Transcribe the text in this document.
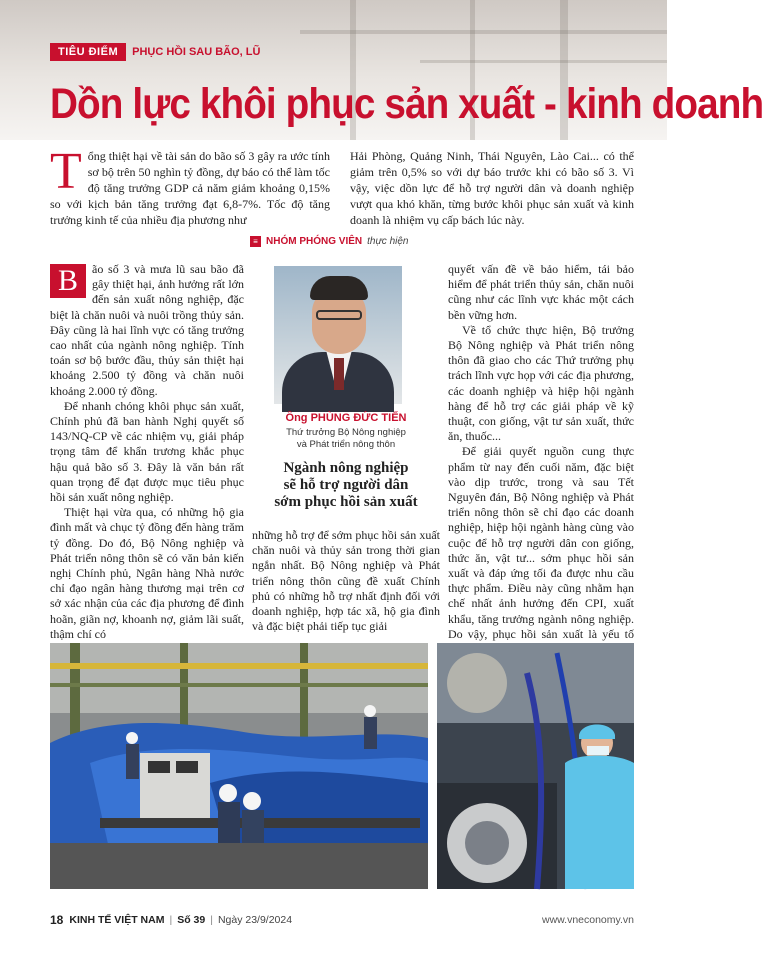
TIÊU ĐIỂM	PHỤC HỒI SAU BÃO, LŨ
Dồn lực khôi phục sản xuất - kinh doanh
Tổng thiệt hại về tài sản do bão số 3 gây ra ước tính sơ bộ trên 50 nghìn tỷ đồng, dự báo có thể làm tốc độ tăng trưởng GDP cả năm giảm khoảng 0,15% so với kịch bản tăng trưởng đạt 6,8-7%. Tốc độ tăng trưởng kinh tế của nhiều địa phương như
Hải Phòng, Quảng Ninh, Thái Nguyên, Lào Cai... có thể giảm trên 0,5% so với dự báo trước khi có bão số 3. Vì vậy, việc dồn lực để hỗ trợ người dân và doanh nghiệp vượt qua khó khăn, từng bước khôi phục sản xuất và kinh doanh là nhiệm vụ cấp bách lúc này.
≡ NHÓM PHÓNG VIÊN thực hiện

B	ão số 3 và mưa lũ sau bão đã gây thiệt hại, ảnh hưởng rất lớn đến sản xuất nông nghiệp, đặc biệt là chăn nuôi và nuôi trồng thủy sản. Đây cũng là hai lĩnh vực có tăng trưởng cao nhất của ngành nông nghiệp. Tính toán sơ bộ bước đầu, thủy sản thiệt hại khoảng 2.500 tỷ đồng và chăn nuôi khoảng 2.000 tỷ đồng.

Để nhanh chóng khôi phục sản xuất, Chính phủ đã ban hành Nghị quyết số 143/NQ-CP về các nhiệm vụ, giải pháp trọng tâm để khẩn trương khắc phục hậu quả bão số 3. Đây là văn bản rất quan trọng để đạt được mục tiêu phục hồi sản xuất nông nghiệp.

Thiệt hại vừa qua, có những hộ gia đình mất và chục tỷ đồng đến hàng trăm tỷ đồng. Do đó, Bộ Nông nghiệp và Phát triển nông thôn sẽ có văn bản kiến nghị Chính phủ, Ngân hàng Nhà nước chỉ đạo ngân hàng thương mại trên cơ sở xác nhận của các địa phương để đình hoãn, giãn nợ, khoanh nợ, giảm lãi suất, thậm chí có

Ông PHÙNG ĐỨC TIẾN
Thứ trưởng Bộ Nông nghiệp
và Phát triển nông thôn
Ngành nông nghiệp
sẽ hỗ trợ người dân
sớm phục hồi sản xuất

những hỗ trợ để sớm phục hồi sản xuất chăn nuôi và thủy sản trong thời gian ngắn nhất. Bộ Nông nghiệp và Phát triển nông thôn cũng đề xuất Chính phủ có những hỗ trợ nhất định đối với doanh nghiệp, hợp tác xã, hộ gia đình và đặc biệt phải tiếp tục giải

quyết vấn đề về bảo hiểm, tái bảo hiểm để phát triển thủy sản, chăn nuôi cũng như các lĩnh vực khác một cách bền vững hơn.

Về tổ chức thực hiện, Bộ trưởng Bộ Nông nghiệp và Phát triển nông thôn đã giao cho các Thứ trưởng phụ trách lĩnh vực họp với các địa phương, các doanh nghiệp và hiệp hội ngành hàng để hỗ trợ các giải pháp về kỹ thuật, con giống, vật tư sản xuất, thức ăn, thuốc...

Để giải quyết nguồn cung thực phẩm từ nay đến cuối năm, đặc biệt vào dịp trước, trong và sau Tết Nguyên đán, Bộ Nông nghiệp và Phát triển nông thôn sẽ chỉ đạo các doanh nghiệp, hiệp hội ngành hàng cùng vào cuộc để hỗ trợ người dân con giống, thức ăn, vật tư... sớm phục hồi sản xuất và đáp ứng tối đa được nhu cầu thực phẩm. Điều này cũng nhằm hạn chế nhất ảnh hưởng đến CPI, xuất khẩu, tăng trưởng ngành nông nghiệp. Do vậy, phục hồi sản xuất là yếu tố

18 KINH TẾ VIỆT NAM | Số 39 | Ngày 23/9/2024	www.vneconomy.vn
